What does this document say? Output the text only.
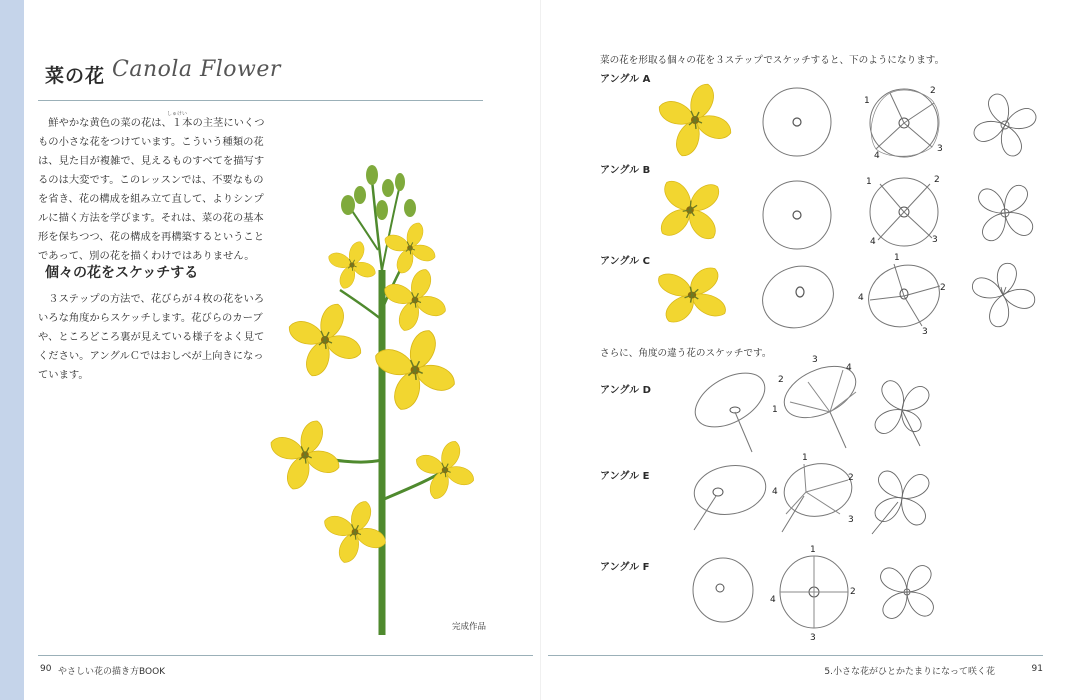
菜の花 Canola Flower
鮮やかな黄色の菜の花は、１本の主茎にいくつ
もの小さな花をつけています。こういう種類の花
は、見た目が複雑で、見えるものすべてを描写す
るのは大変です。このレッスンでは、不要なもの
を省き、花の構成を組み立て直して、よりシンプ
ルに描く方法を学びます。それは、菜の花の基本
形を保ちつつ、花の構成を再構築するということ
であって、別の花を描くわけではありません。
しゅけい
個々の花をスケッチする
３ステップの方法で、花びらが４枚の花をいろ
いろな角度からスケッチします。花びらのカーブ
や、ところどころ裏が見えている様子をよく見て
ください。アングルＣではおしべが上向きになっ
ています。
完成作品
90 やさしい花の描き方BOOK
菜の花を形取る個々の花を３ステップでスケッチすると、下のようになります。
アングル A
アングル B
アングル C
1
2
3
4
1	2
3
4
1
2
3
4
さらに、角度の違う花のスケッチです。
アングル D
アングル E
アングル F
1
2
3
4
1
2
3
4
1
2
3
4
5.小さな花がひとかたまりになって咲く花	91
